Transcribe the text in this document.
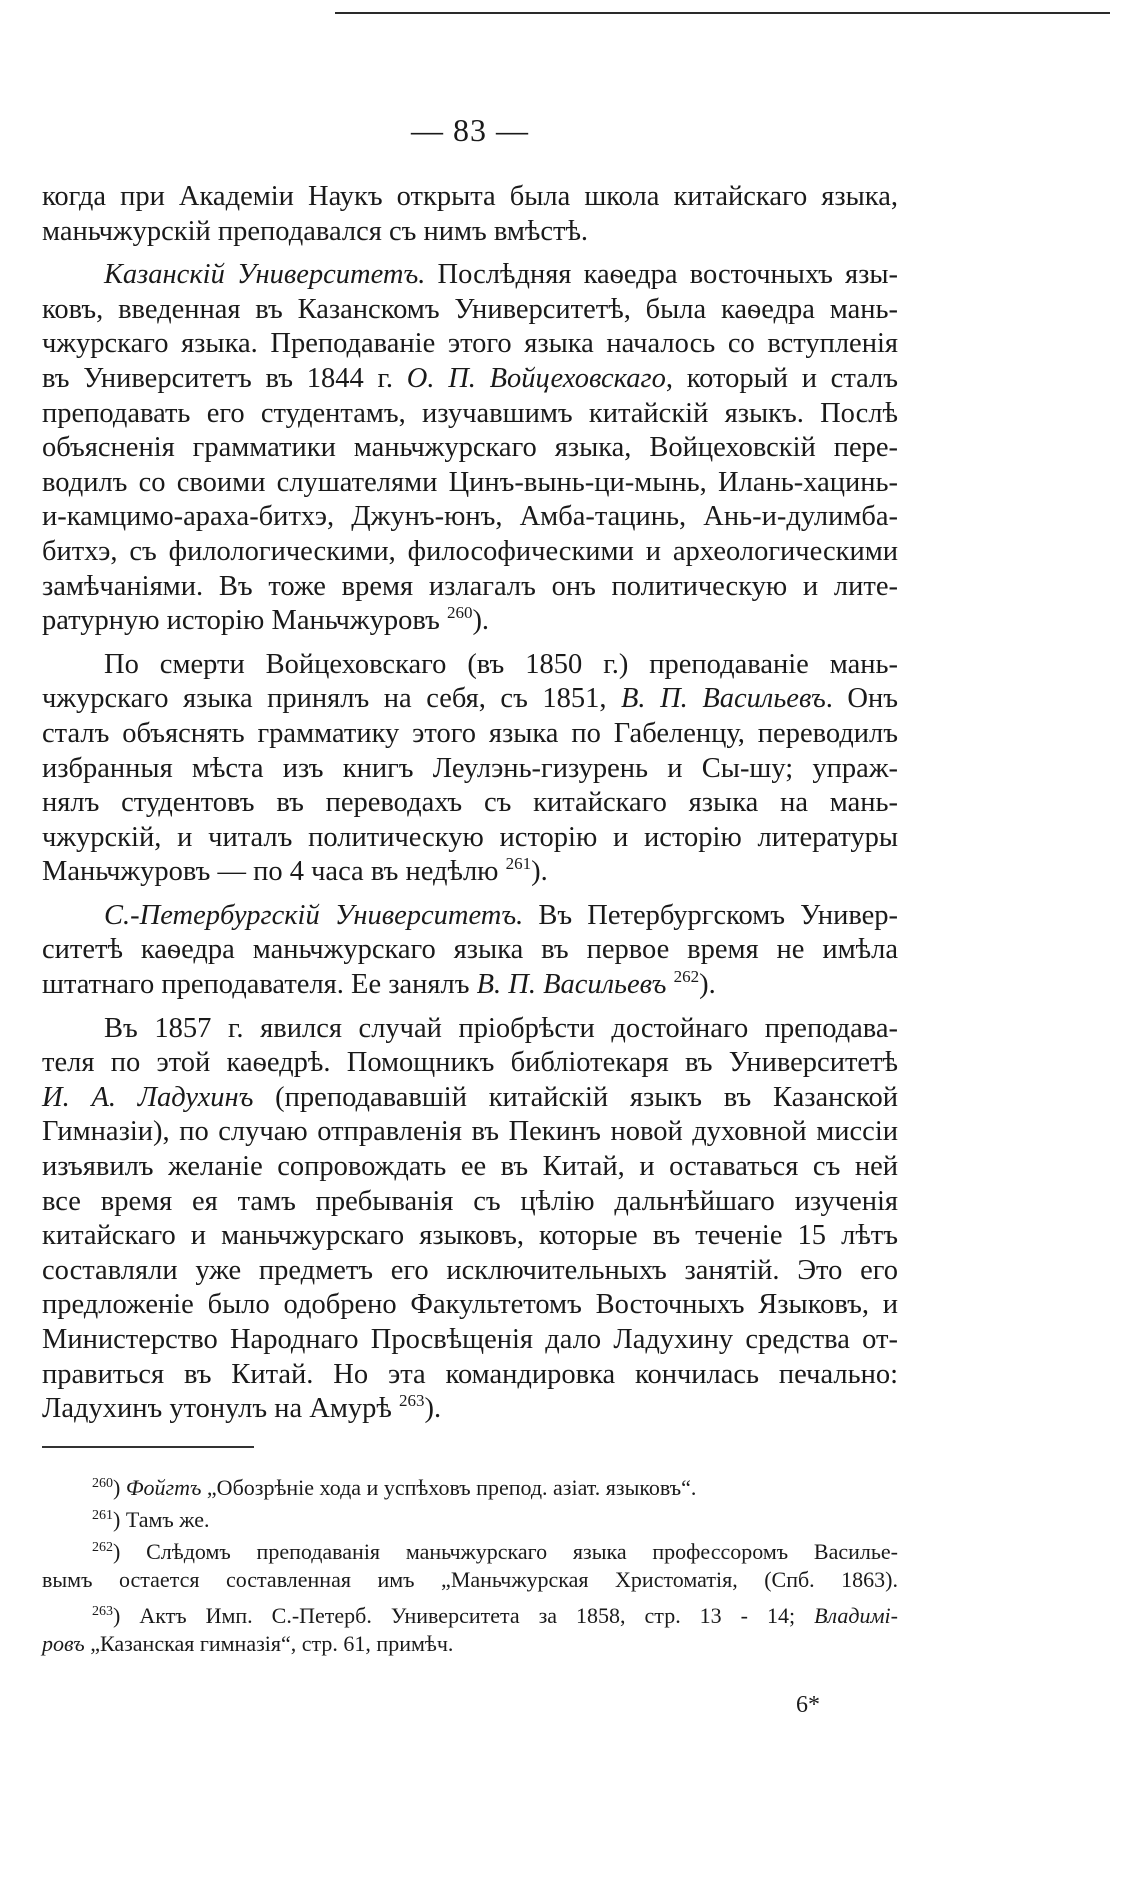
— 83 —
когда при Академіи Наукъ открыта была школа китайскаго языка,
маньчжурскій преподавался съ нимъ вмѣстѣ.
Казанскій Университетъ. Послѣдняя каѳедра восточныхъ язы-
ковъ, введенная въ Казанскомъ Университетѣ, была каѳедра мань-
чжурскаго языка. Преподаваніе этого языка началось со вступленія
въ Университетъ въ 1844 г. О. П. Войцеховскаго, который и сталъ
преподавать его студентамъ, изучавшимъ китайскій языкъ. Послѣ
объясненія грамматики маньчжурскаго языка, Войцеховскій пере-
водилъ со своими слушателями Цинъ-вынь-ци-мынь, Илань-хацинь-
и-камцимо-араха-битхэ, Джунъ-юнъ, Амба-тацинь, Ань-и-дулимба-
битхэ, съ филологическими, философическими и археологическими
замѣчаніями. Въ тоже время излагалъ онъ политическую и лите-
ратурную исторію Маньчжуровъ $^{260}$).
По смерти Войцеховскаго (въ 1850 г.) преподаваніе мань-
чжурскаго языка принялъ на себя, съ 1851, В. П. Васильевъ. Онъ
сталъ объяснять грамматику этого языка по Габеленцу, переводилъ
избранныя мѣста изъ книгъ Леулэнь-гизурень и Сы-шу; упраж-
нялъ студентовъ въ переводахъ съ китайскаго языка на мань-
чжурскій, и читалъ политическую исторію и исторію литературы
Маньчжуровъ — по 4 часа въ недѣлю $^{261}$).
С.-Петербургскій Университетъ. Въ Петербургскомъ Универ-
ситетѣ каѳедра маньчжурскаго языка въ первое время не имѣла
штатнаго преподавателя. Ее занялъ В. П. Васильевъ $^{262}$).
Въ 1857 г. явился случай пріобрѣсти достойнаго преподава-
теля по этой каѳедрѣ. Помощникъ библіотекаря въ Университетѣ
И. А. Ладухинъ (преподававшій китайскій языкъ въ Казанской
Гимназіи), по случаю отправленія въ Пекинъ новой духовной миссіи
изъявилъ желаніе сопровождать ее въ Китай, и оставаться съ ней
все время ея тамъ пребыванія съ цѣлію дальнѣйшаго изученія
китайскаго и маньчжурскаго языковъ, которые въ теченіе 15 лѣтъ
составляли уже предметъ его исключительныхъ занятій. Это его
предложеніе было одобрено Факультетомъ Восточныхъ Языковъ, и
Министерство Народнаго Просвѣщенія дало Ладухину средства от-
правиться въ Китай. Но эта командировка кончилась печально:
Ладухинъ утонулъ на Амурѣ $^{263}$).
$^{260}$) Фойгтъ „Обозрѣніе хода и успѣховъ препод. азіат. языковъ“.
$^{261}$) Тамъ же.
$^{262}$) Слѣдомъ преподаванія маньчжурскаго языка профессоромъ Василье-
вымъ остается составленная имъ „Маньчжурская Христоматія, (Спб. 1863).
$^{263}$) Актъ Имп. С.-Петерб. Университета за 1858, стр. 13 - 14; Владимі-
ровъ „Казанская гимназія“, стр. 61, примѣч.
6*
